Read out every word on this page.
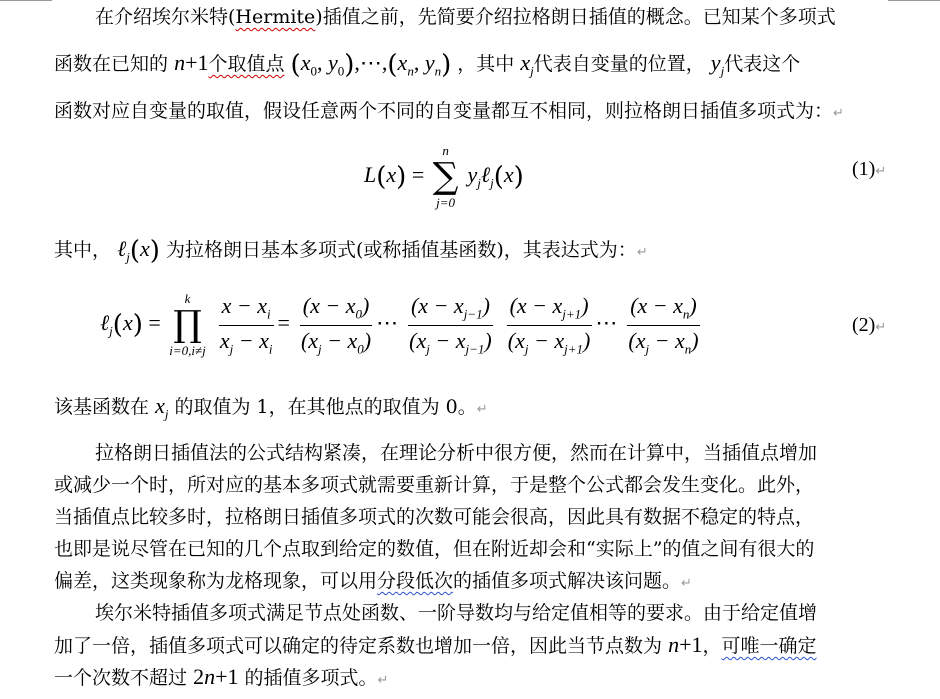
在介绍埃尔米特(Hermite)插值之前，先简要介绍拉格朗日插值的概念。已知某个多项式
函数在已知的 n+1个取值点 ($x_0$, $y_0),\cdots,(x_n$, $y_n$) ，其中 $x_j$代表自变量的位置， $y_j$代表这个
函数对应自变量的取值，假设任意两个不同的自变量都互不相同，则拉格朗日插值多项式为：↵
L(x) =
n
∑
j=0
$y_j\ell_j(x)$	(1)↵
其中， ℓ$_j$(x) 为拉格朗日基本多项式(或称插值基函数)，其表达式为：↵
ℓ$_j$(x) =
k
∏
i=0,i≠j
$\frac{x - x_i}{x_j - x_i} = \frac{(x - x_0)}{(x_j - x_0)}$ ⋯ $\frac{(x - x_{j-1})}{(x_j - x_{j-1})}$
$\frac{(x - x_{j+1})}{(x_j - x_{j+1})}$ ⋯ $\frac{(x - x_n)}{(x_j - x_n)}$	(2)↵
该基函数在 $x_j$ 的取值为 1，在其他点的取值为 0。↵
拉格朗日插值法的公式结构紧凑，在理论分析中很方便，然而在计算中，当插值点增加
或减少一个时，所对应的基本多项式就需要重新计算，于是整个公式都会发生变化。此外，
当插值点比较多时，拉格朗日插值多项式的次数可能会很高，因此具有数据不稳定的特点，
也即是说尽管在已知的几个点取到给定的数值，但在附近却会和“实际上”的值之间有很大的
偏差，这类现象称为龙格现象，可以用分段低次的插值多项式解决该问题。↵
埃尔米特插值多项式满足节点处函数、一阶导数均与给定值相等的要求。由于给定值增
加了一倍，插值多项式可以确定的待定系数也增加一倍，因此当节点数为 n+1，可唯一确定
一个次数不超过 2n+1 的插值多项式。↵
